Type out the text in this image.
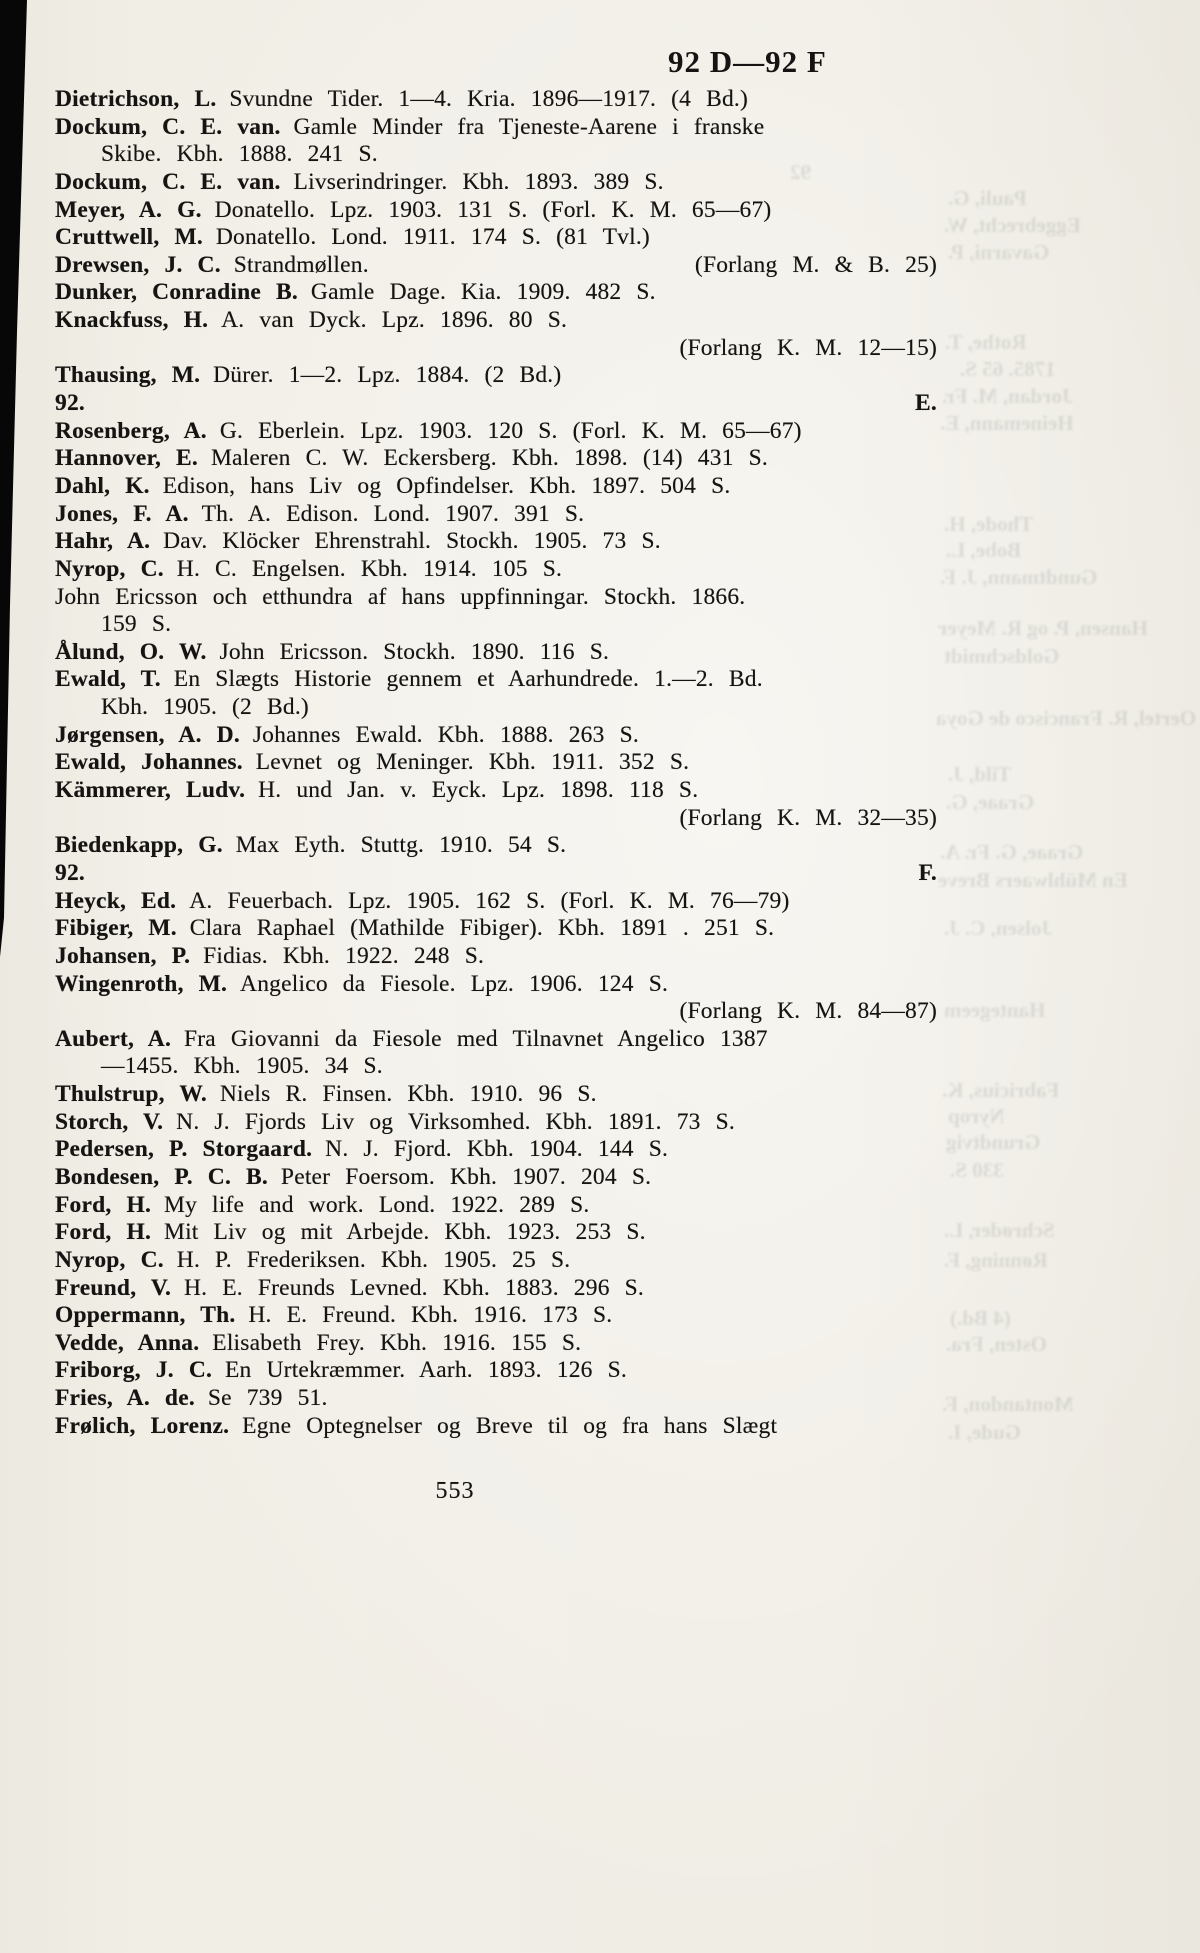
92 D—92 F
Dietrichson, L. Svundne Tider. 1—4. Kria. 1896—1917. (4 Bd.)
Dockum, C. E. van. Gamle Minder fra Tjeneste-Aarene i franske
Skibe. Kbh. 1888. 241 S.
Dockum, C. E. van. Livserindringer. Kbh. 1893. 389 S.
Meyer, A. G. Donatello. Lpz. 1903. 131 S. (Forl. K. M. 65—67)
Cruttwell, M. Donatello. Lond. 1911. 174 S. (81 Tvl.)
Drewsen, J. C. Strandmøllen.	(Forlang M. & B. 25)
Dunker, Conradine B. Gamle Dage. Kia. 1909. 482 S.
Knackfuss, H. A. van Dyck. Lpz. 1896. 80 S.
(Forlang K. M. 12—15)
Thausing, M. Dürer. 1—2. Lpz. 1884. (2 Bd.)
92.	E.
Rosenberg, A. G. Eberlein. Lpz. 1903. 120 S. (Forl. K. M. 65—67)
Hannover, E. Maleren C. W. Eckersberg. Kbh. 1898. (14) 431 S.
Dahl, K. Edison, hans Liv og Opfindelser. Kbh. 1897. 504 S.
Jones, F. A. Th. A. Edison. Lond. 1907. 391 S.
Hahr, A. Dav. Klöcker Ehrenstrahl. Stockh. 1905. 73 S.
Nyrop, C. H. C. Engelsen. Kbh. 1914. 105 S.
John Ericsson och etthundra af hans uppfinningar. Stockh. 1866.
159 S.
Ålund, O. W. John Ericsson. Stockh. 1890. 116 S.
Ewald, T. En Slægts Historie gennem et Aarhundrede. 1.—2. Bd.
Kbh. 1905. (2 Bd.)
Jørgensen, A. D. Johannes Ewald. Kbh. 1888. 263 S.
Ewald, Johannes. Levnet og Meninger. Kbh. 1911. 352 S.
Kämmerer, Ludv. H. und Jan. v. Eyck. Lpz. 1898. 118 S.
(Forlang K. M. 32—35)
Biedenkapp, G. Max Eyth. Stuttg. 1910. 54 S.
92.	F.
Heyck, Ed. A. Feuerbach. Lpz. 1905. 162 S. (Forl. K. M. 76—79)
Fibiger, M. Clara Raphael (Mathilde Fibiger). Kbh. 1891 . 251 S.
Johansen, P. Fidias. Kbh. 1922. 248 S.
Wingenroth, M. Angelico da Fiesole. Lpz. 1906. 124 S.
(Forlang K. M. 84—87)
Aubert, A. Fra Giovanni da Fiesole med Tilnavnet Angelico 1387
—1455. Kbh. 1905. 34 S.
Thulstrup, W. Niels R. Finsen. Kbh. 1910. 96 S.
Storch, V. N. J. Fjords Liv og Virksomhed. Kbh. 1891. 73 S.
Pedersen, P. Storgaard. N. J. Fjord. Kbh. 1904. 144 S.
Bondesen, P. C. B. Peter Foersom. Kbh. 1907. 204 S.
Ford, H. My life and work. Lond. 1922. 289 S.
Ford, H. Mit Liv og mit Arbejde. Kbh. 1923. 253 S.
Nyrop, C. H. P. Frederiksen. Kbh. 1905. 25 S.
Freund, V. H. E. Freunds Levned. Kbh. 1883. 296 S.
Oppermann, Th. H. E. Freund. Kbh. 1916. 173 S.
Vedde, Anna. Elisabeth Frey. Kbh. 1916. 155 S.
Friborg, J. C. En Urtekræmmer. Aarh. 1893. 126 S.
Fries, A. de. Se 739 51.
Frølich, Lorenz. Egne Optegnelser og Breve til og fra hans Slægt
553
92
Pauli, G.
Eggebrecht, W.
Gavarni, P.
Rothe, T.
1785. 65 S.
Jordan, M. Fr.
Heinemann, E.
Thode, H.
Bobe, L.
Gundtmann, J. F.
Hansen, P. og R. Meyer
Goldschmidt
Oertel, R. Francisco de Goya
Tild, J.
Graae, G.
Graae, G. Fr. A.
En Mühlwaers Breve
Jolsen, C. J.
Hantegeem
Fabricius, K.
Nyrop
Grundtvig
330 S.
Schrøder, L.
Rønning, F.
(4 Bd.)
Osten, Fra.
Montandon, F.
Gude, I.
